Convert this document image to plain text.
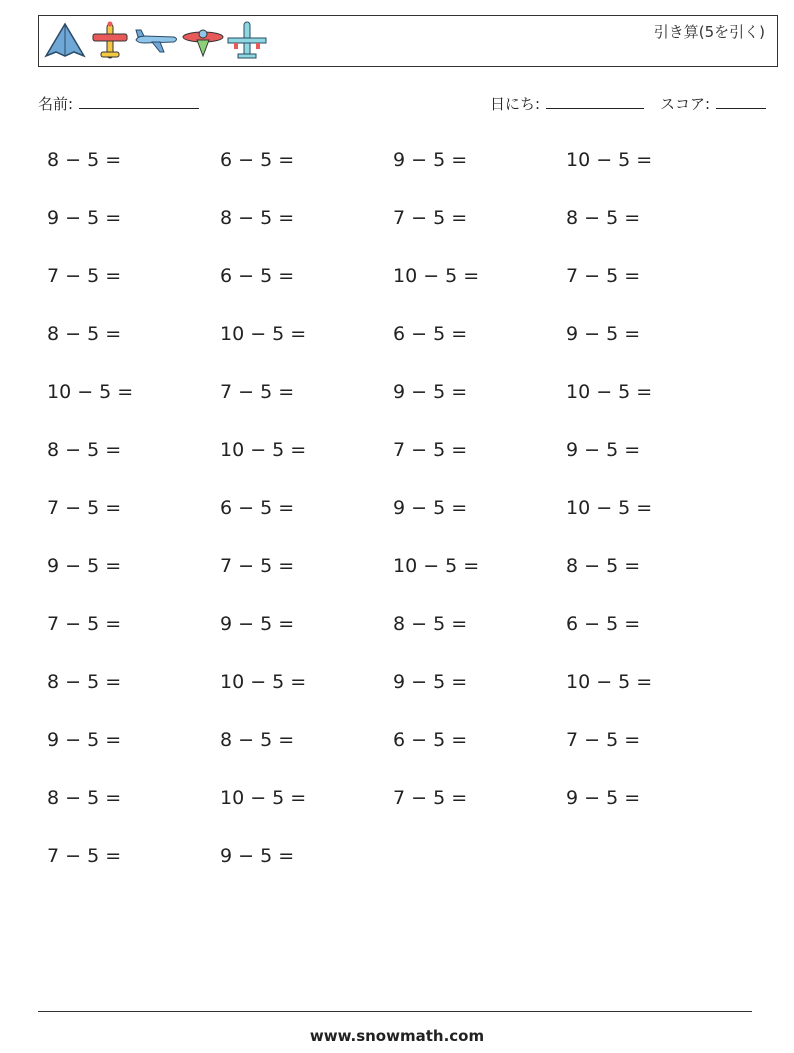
引き算(5を引く)
名前:	日にち:	スコア:
8 − 5 =	6 − 5 =	9 − 5 =	10 − 5 =
9 − 5 =	8 − 5 =	7 − 5 =	8 − 5 =
7 − 5 =	6 − 5 =	10 − 5 =	7 − 5 =
8 − 5 =	10 − 5 =	6 − 5 =	9 − 5 =
10 − 5 =	7 − 5 =	9 − 5 =	10 − 5 =
8 − 5 =	10 − 5 =	7 − 5 =	9 − 5 =
7 − 5 =	6 − 5 =	9 − 5 =	10 − 5 =
9 − 5 =	7 − 5 =	10 − 5 =	8 − 5 =
7 − 5 =	9 − 5 =	8 − 5 =	6 − 5 =
8 − 5 =	10 − 5 =	9 − 5 =	10 − 5 =
9 − 5 =	8 − 5 =	6 − 5 =	7 − 5 =
8 − 5 =	10 − 5 =	7 − 5 =	9 − 5 =
7 − 5 =	9 − 5 =
www.snowmath.com
